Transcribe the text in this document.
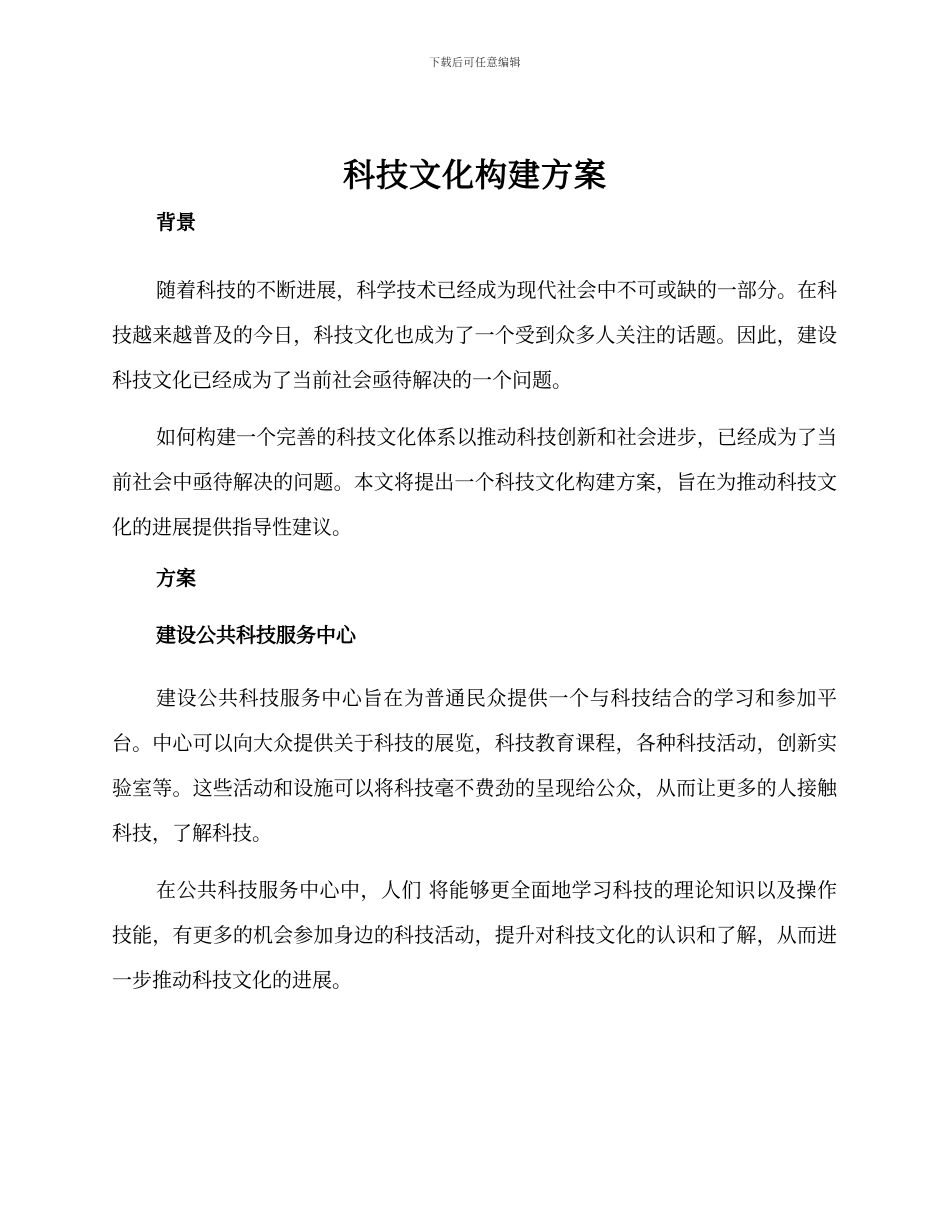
下载后可任意编辑
科技文化构建方案
背景

随着科技的不断进展，科学技术已经成为现代社会中不可或缺的一部分。在科技越来越普及的今日，科技文化也成为了一个受到众多人关注的话题。因此，建设科技文化已经成为了当前社会亟待解决的一个问题。

如何构建一个完善的科技文化体系以推动科技创新和社会进步，已经成为了当前社会中亟待解决的问题。本文将提出一个科技文化构建方案，旨在为推动科技文化的进展提供指导性建议。

方案
建设公共科技服务中心

建设公共科技服务中心旨在为普通民众提供一个与科技结合的学习和参加平台。中心可以向大众提供关于科技的展览，科技教育课程，各种科技活动，创新实验室等。这些活动和设施可以将科技毫不费劲的呈现给公众，从而让更多的人接触科技，了解科技。

在公共科技服务中心中，人们 将能够更全面地学习科技的理论知识以及操作技能，有更多的机会参加身边的科技活动，提升对科技文化的认识和了解，从而进一步推动科技文化的进展。
